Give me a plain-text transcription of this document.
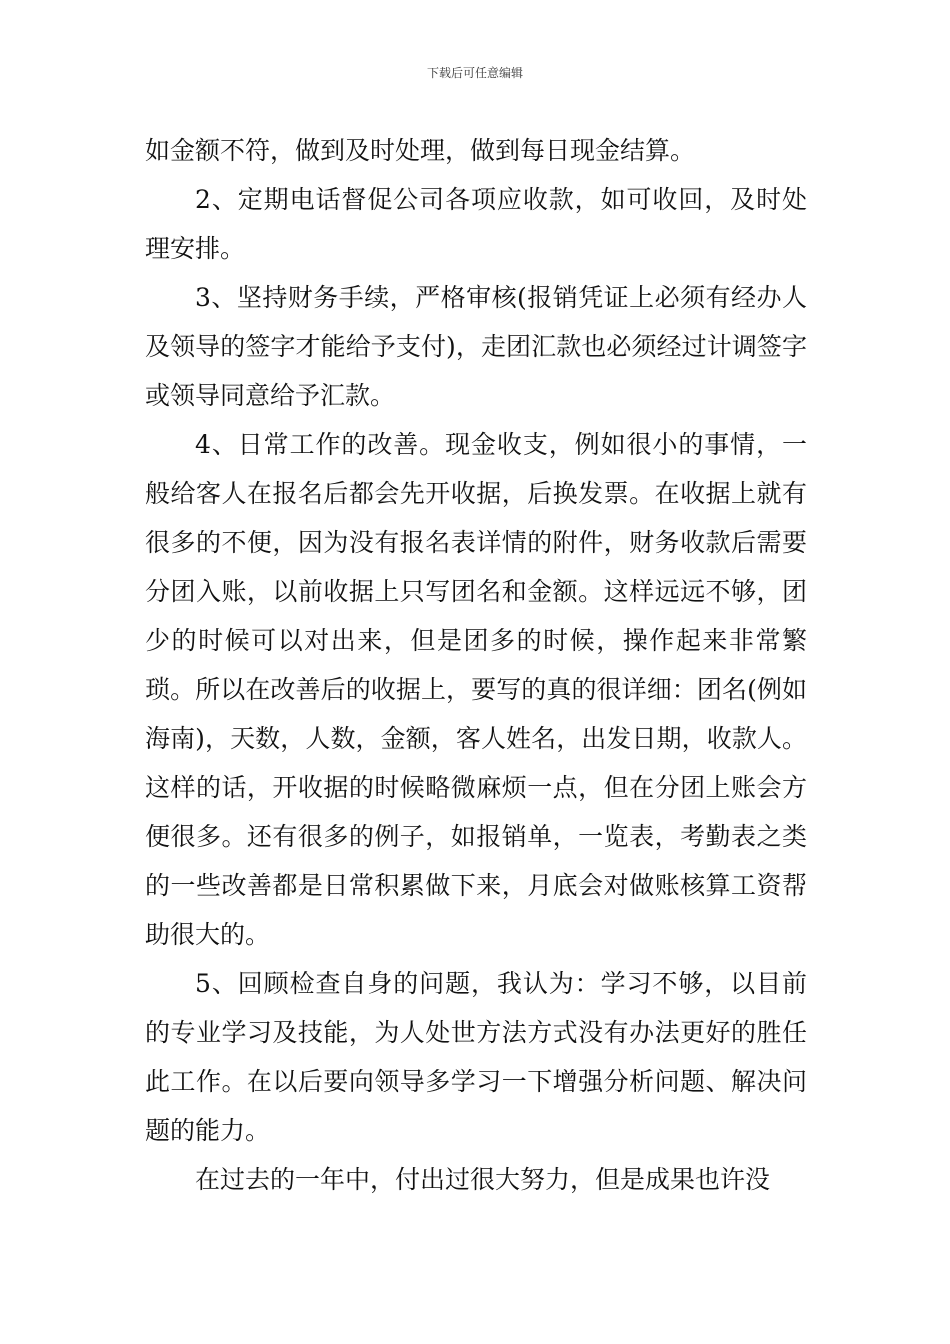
下载后可任意编辑

如金额不符，做到及时处理，做到每日现金结算。

2、定期电话督促公司各项应收款，如可收回，及时处理安排。

3、坚持财务手续，严格审核(报销凭证上必须有经办人及领导的签字才能给予支付)，走团汇款也必须经过计调签字或领导同意给予汇款。

4、日常工作的改善。现金收支，例如很小的事情，一般给客人在报名后都会先开收据，后换发票。在收据上就有很多的不便，因为没有报名表详情的附件，财务收款后需要分团入账，以前收据上只写团名和金额。这样远远不够，团少的时候可以对出来，但是团多的时候，操作起来非常繁琐。所以在改善后的收据上，要写的真的很详细：团名(例如海南)，天数，人数，金额，客人姓名，出发日期，收款人。这样的话，开收据的时候略微麻烦一点，但在分团上账会方便很多。还有很多的例子，如报销单，一览表，考勤表之类的一些改善都是日常积累做下来，月底会对做账核算工资帮助很大的。

5、回顾检查自身的问题，我认为：学习不够，以目前的专业学习及技能，为人处世方法方式没有办法更好的胜任此工作。在以后要向领导多学习一下增强分析问题、解决问题的能力。

在过去的一年中，付出过很大努力，但是成果也许没
